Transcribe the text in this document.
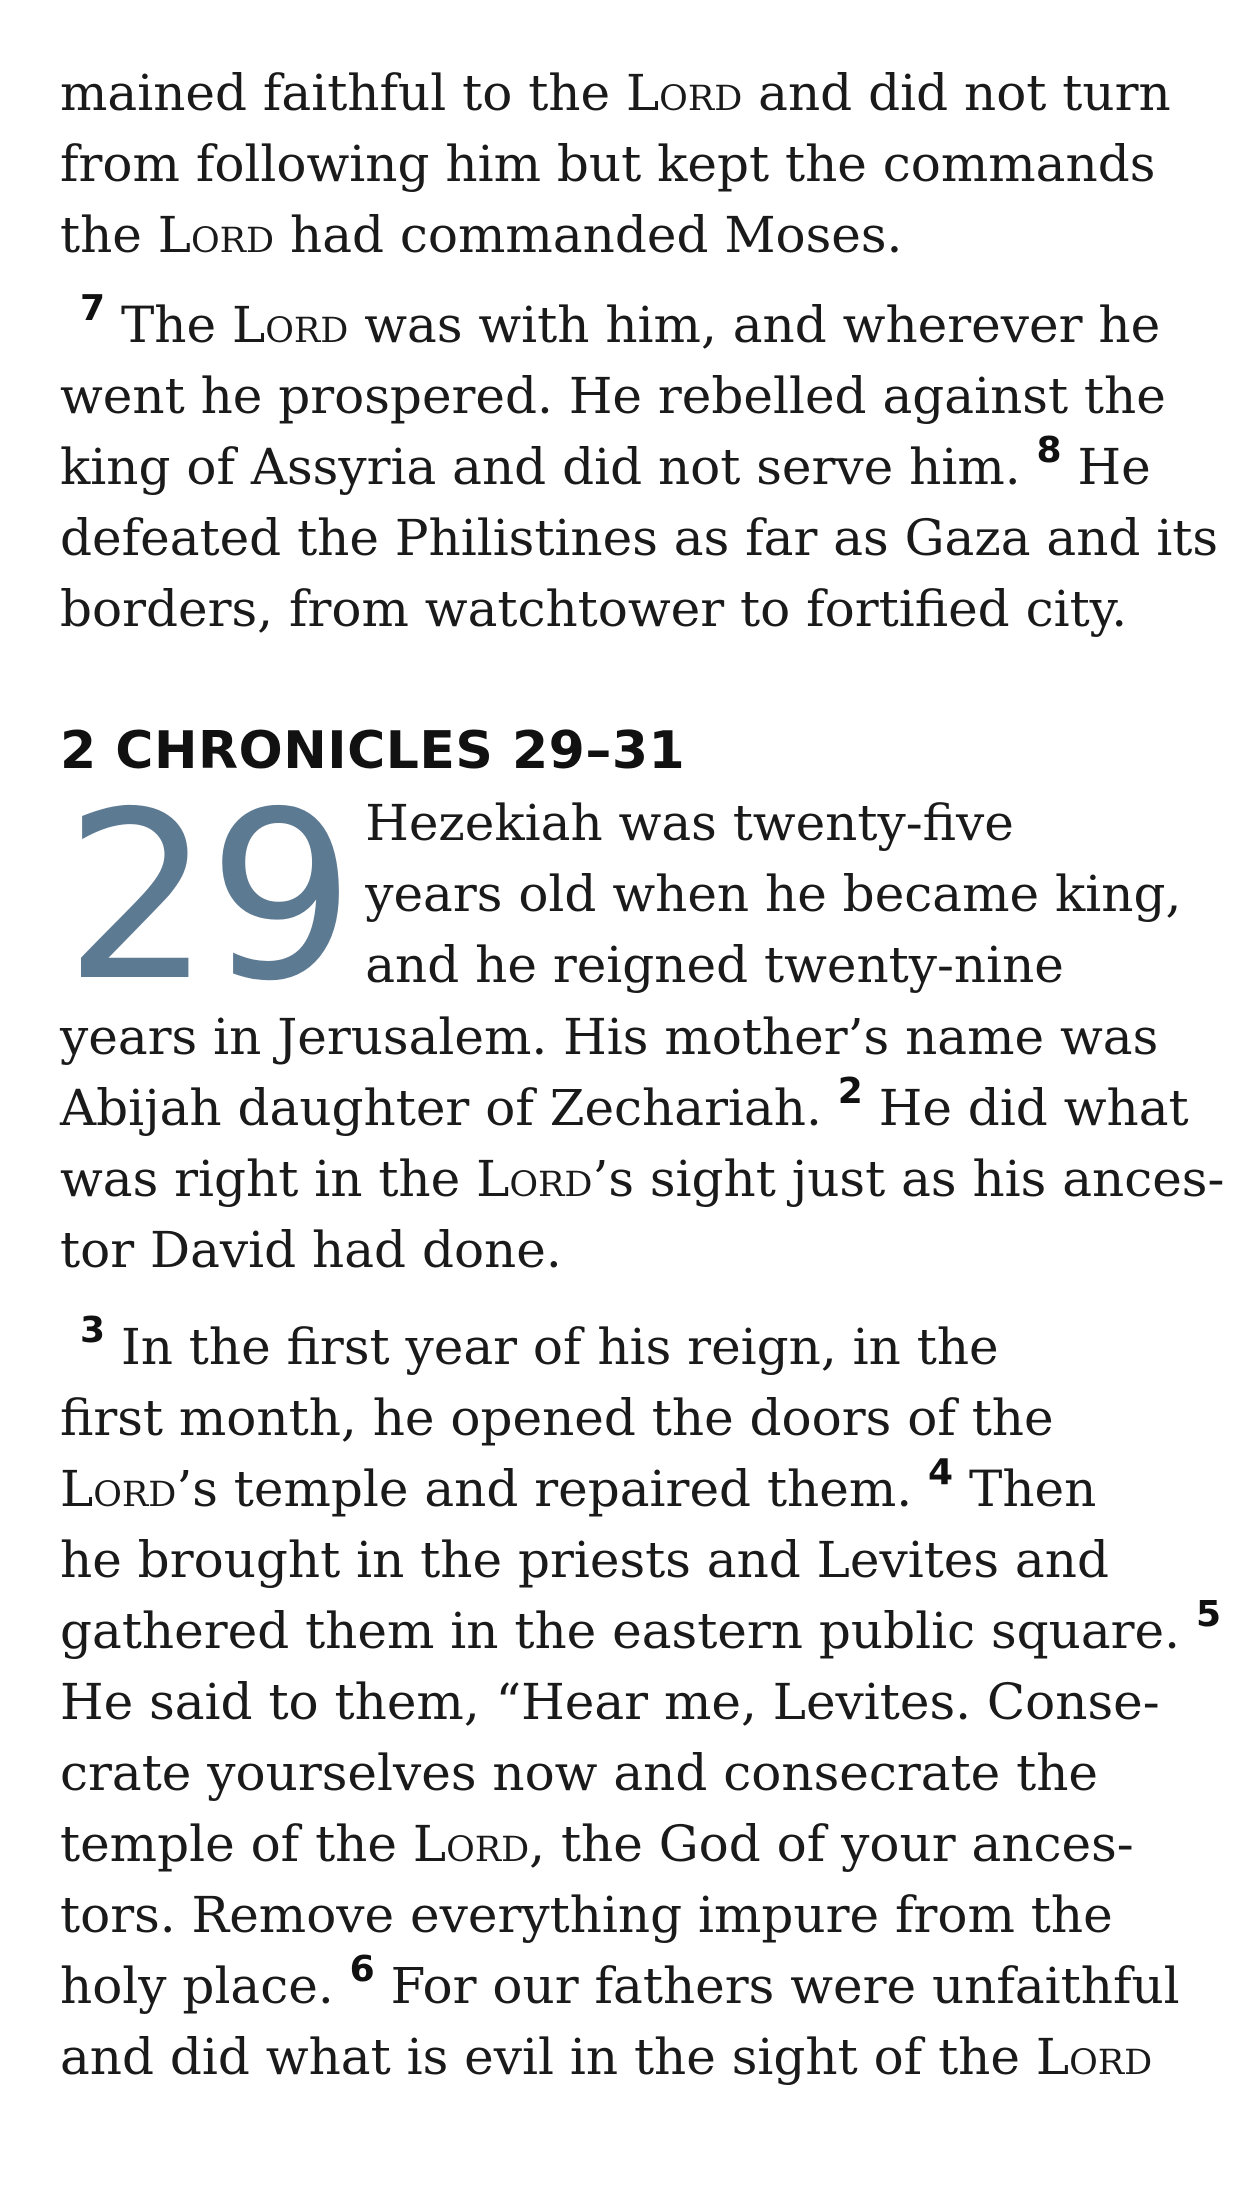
mained faithful to the Lord and did not turn
from following him but kept the commands
the Lord had commanded Moses.
$^7$ The Lord was with him, and wherever he
went he prospered. He rebelled against the
king of Assyria and did not serve him. $^8$ He
defeated the Philistines as far as Gaza and its
borders, from watchtower to fortified city.
2 CHRONICLES 29–31
29 Hezekiah was twenty-five
years old when he became king,
and he reigned twenty-nine
years in Jerusalem. His mother’s name was
Abijah daughter of Zechariah. $^2$ He did what
was right in the Lord’s sight just as his ances-
tor David had done.
$^3$ In the first year of his reign, in the
first month, he opened the doors of the
Lord’s temple and repaired them. $^4$ Then
he brought in the priests and Levites and
gathered them in the eastern public square. $^5$
He said to them, “Hear me, Levites. Conse-
crate yourselves now and consecrate the
temple of the Lord, the God of your ances-
tors. Remove everything impure from the
holy place. $^6$ For our fathers were unfaithful
and did what is evil in the sight of the Lord
